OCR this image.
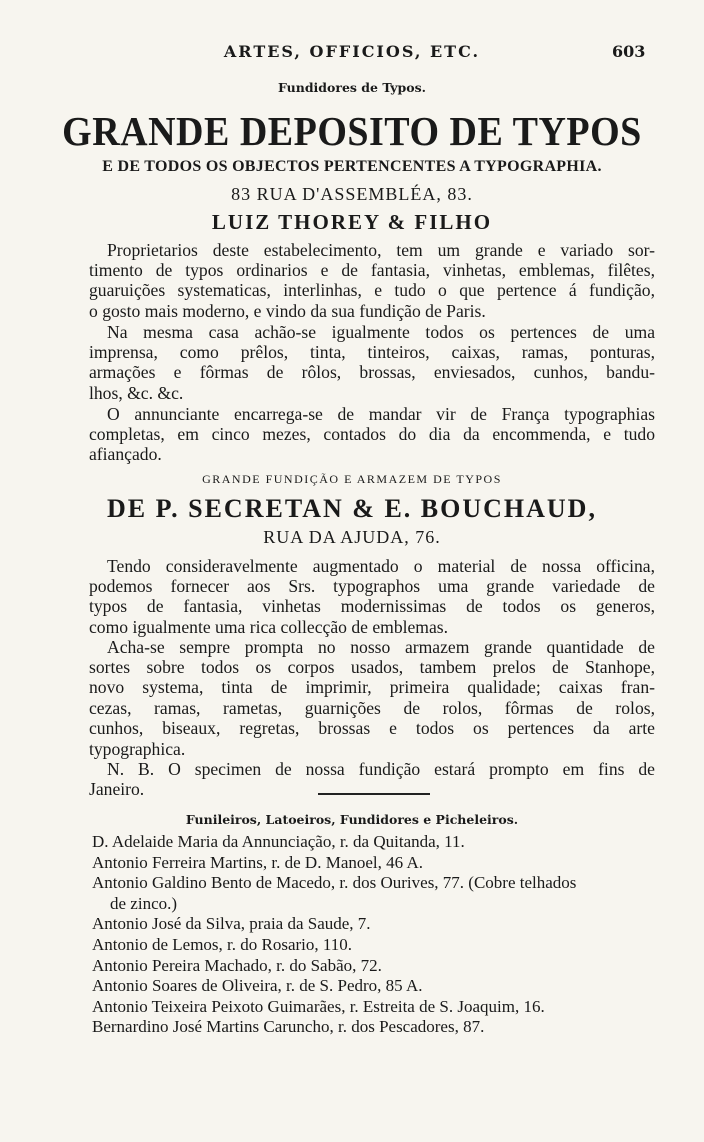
ARTES, OFFICIOS, ETC.	603
Fundidores de Typos.
GRANDE DEPOSITO DE TYPOS
E DE TODOS OS OBJECTOS PERTENCENTES A TYPOGRAPHIA.
83 RUA D'ASSEMBLÉA, 83.
LUIZ THOREY & FILHO
Proprietarios deste estabelecimento, tem um grande e variado sor-
timento de typos ordinarios e de fantasia, vinhetas, emblemas, filêtes,
guaruições systematicas, interlinhas, e tudo o que pertence á fundição,
o gosto mais moderno, e vindo da sua fundição de Paris.
Na mesma casa achão-se igualmente todos os pertences de uma
imprensa, como prêlos, tinta, tinteiros, caixas, ramas, ponturas,
armações e fôrmas de rôlos, brossas, enviesados, cunhos, bandu-
lhos, &c. &c.
O annunciante encarrega-se de mandar vir de França typographias
completas, em cinco mezes, contados do dia da encommenda, e tudo
afiançado.
GRANDE FUNDIÇÃO E ARMAZEM DE TYPOS
DE P. SECRETAN & E. BOUCHAUD,
RUA DA AJUDA, 76.
Tendo consideravelmente augmentado o material de nossa officina,
podemos fornecer aos Srs. typographos uma grande variedade de
typos de fantasia, vinhetas modernissimas de todos os generos,
como igualmente uma rica collecção de emblemas.
Acha-se sempre prompta no nosso armazem grande quantidade de
sortes sobre todos os corpos usados, tambem prelos de Stanhope,
novo systema, tinta de imprimir, primeira qualidade; caixas fran-
cezas, ramas, rametas, guarnições de rolos, fôrmas de rolos,
cunhos, biseaux, regretas, brossas e todos os pertences da arte
typographica.
N. B. O specimen de nossa fundição estará prompto em fins de
Janeiro.
Funileiros, Latoeiros, Fundidores e Picheleiros.
D. Adelaide Maria da Annunciação, r. da Quitanda, 11.
Antonio Ferreira Martins, r. de D. Manoel, 46 A.
Antonio Galdino Bento de Macedo, r. dos Ourives, 77. (Cobre telhados
de zinco.)
Antonio José da Silva, praia da Saude, 7.
Antonio de Lemos, r. do Rosario, 110.
Antonio Pereira Machado, r. do Sabão, 72.
Antonio Soares de Oliveira, r. de S. Pedro, 85 A.
Antonio Teixeira Peixoto Guimarães, r. Estreita de S. Joaquim, 16.
Bernardino José Martins Caruncho, r. dos Pescadores, 87.
